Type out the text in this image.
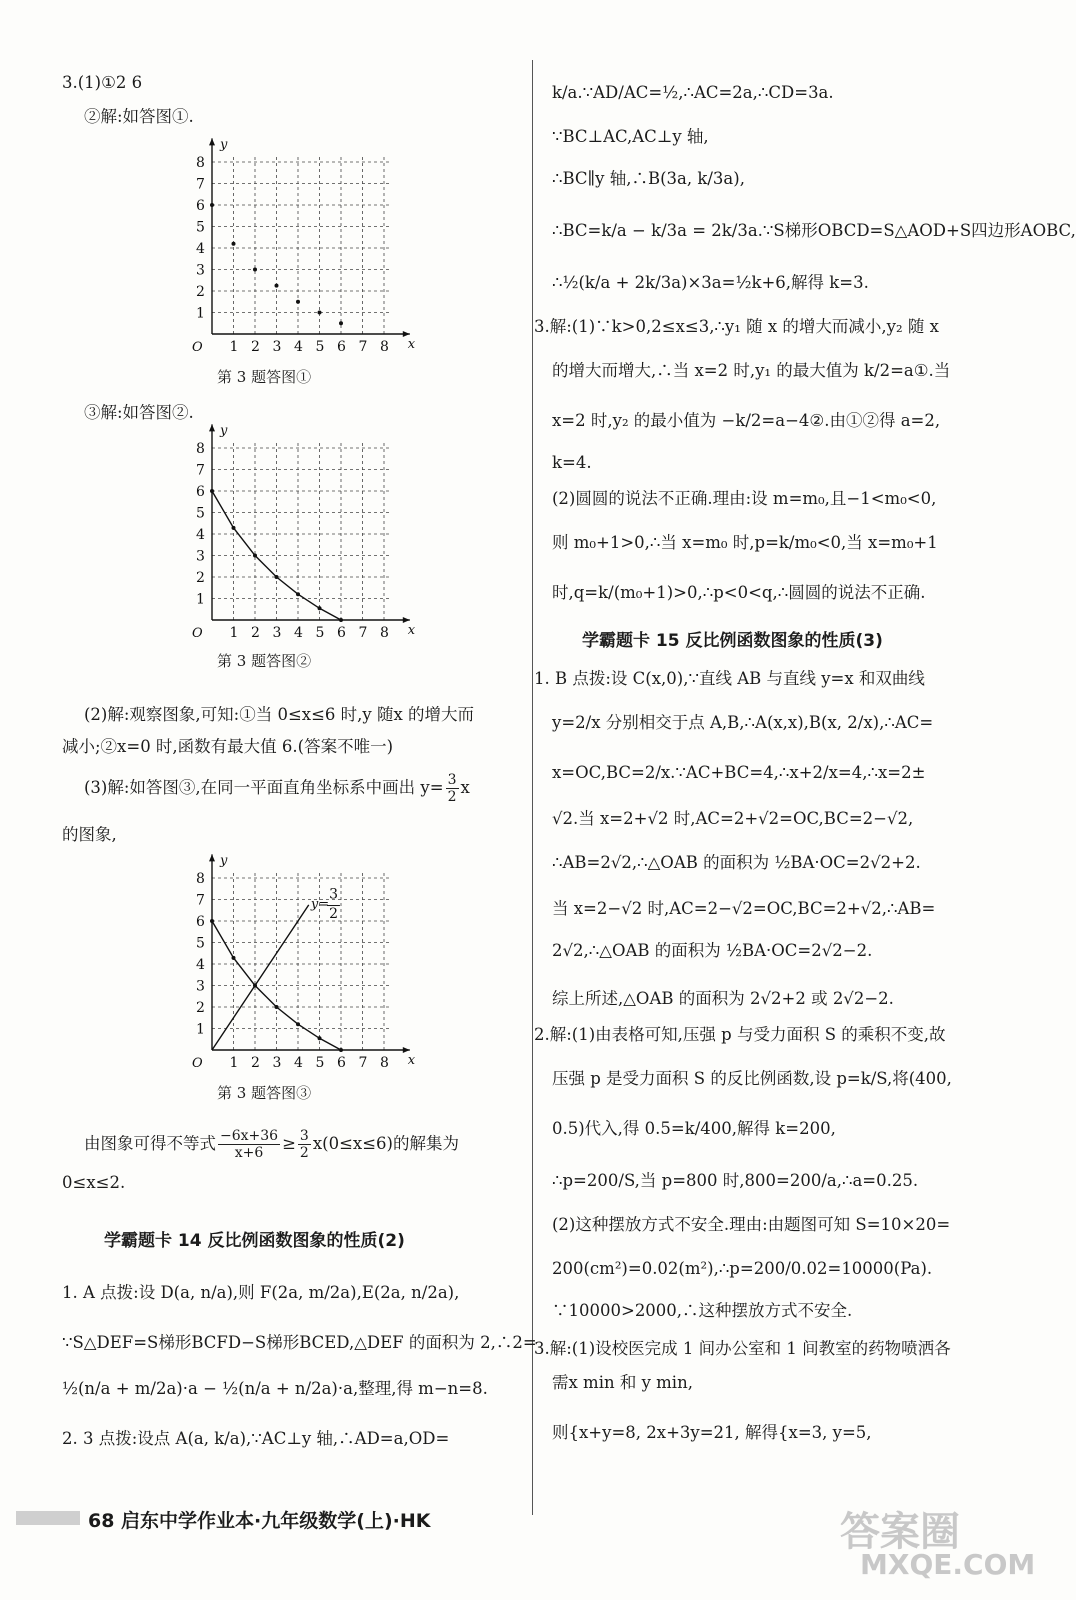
3.(1)①2 6
②解:如答图①.
1 2 3 4 5 6 7 8
1
2
3
4
5
6
7
8
O	x
y
第 3 题答图①
③解:如答图②.
1 2 3 4 5 6 7 8
1
2
3
4
5
6
7
8
O	x
y
第 3 题答图②
(2)解:观察图象,可知:①当 0≤x≤6 时,y 随x 的增大而
减小;②x=0 时,函数有最大值 6.(答案不唯一)
(3)解:如答图③,在同一平面直角坐标系中画出 $y= \frac{3}{2}$ x
的图象,
1 2 3 4 5 6 7 8
1
2
3
4
5
6
7
8
O	x
y
y=
3
2
第 3 题答图③
由图象可得不等式 $\frac{-6x+36}{x+6} \ge \frac{3}{2} x(0\le x\le 6)$的解集为
0≤x≤2.
学霸题卡 14 反比例函数图象的性质(2)
1. A 点拨:设 D(a, n/a),则 F(2a, m/2a),E(2a, n/2a),
∵S△DEF=S梯形BCFD−S梯形BCED,△DEF 的面积为 2,∴2=
½(n/a + m/2a)·a − ½(n/a + n/2a)·a,整理,得 m−n=8.
2. 3 点拨:设点 A(a, k/a),∵AC⊥y 轴,∴AD=a,OD=
k/a.∵AD/AC=½,∴AC=2a,∴CD=3a.
∵BC⊥AC,AC⊥y 轴,
∴BC∥y 轴,∴B(3a, k/3a),
∴BC=k/a − k/3a = 2k/3a.∵S梯形OBCD=S△AOD+S四边形AOBC,
∴½(k/a + 2k/3a)×3a=½k+6,解得 k=3.
3.解:(1)∵k>0,2≤x≤3,∴y₁ 随 x 的增大而减小,y₂ 随 x
的增大而增大,∴当 x=2 时,y₁ 的最大值为 k/2=a①.当
x=2 时,y₂ 的最小值为 −k/2=a−4②.由①②得 a=2,
k=4.
(2)圆圆的说法不正确.理由:设 m=m₀,且−1<m₀<0,
则 m₀+1>0,∴当 x=m₀ 时,p=k/m₀<0,当 x=m₀+1
时,q=k/(m₀+1)>0,∴p<0<q,∴圆圆的说法不正确.
学霸题卡 15 反比例函数图象的性质(3)
1. B 点拨:设 C(x,0),∵直线 AB 与直线 y=x 和双曲线
y=2/x 分别相交于点 A,B,∴A(x,x),B(x, 2/x),∴AC=
x=OC,BC=2/x.∵AC+BC=4,∴x+2/x=4,∴x=2±
√2.当 x=2+√2 时,AC=2+√2=OC,BC=2−√2,
∴AB=2√2,∴△OAB 的面积为 ½BA·OC=2√2+2.
当 x=2−√2 时,AC=2−√2=OC,BC=2+√2,∴AB=
2√2,∴△OAB 的面积为 ½BA·OC=2√2−2.
综上所述,△OAB 的面积为 2√2+2 或 2√2−2.
2.解:(1)由表格可知,压强 p 与受力面积 S 的乘积不变,故
压强 p 是受力面积 S 的反比例函数,设 p=k/S,将(400,
0.5)代入,得 0.5=k/400,解得 k=200,
∴p=200/S,当 p=800 时,800=200/a,∴a=0.25.
(2)这种摆放方式不安全.理由:由题图可知 S=10×20=
200(cm²)=0.02(m²),∴p=200/0.02=10000(Pa).
∵10000>2000,∴这种摆放方式不安全.
3.解:(1)设校医完成 1 间办公室和 1 间教室的药物喷洒各
需x min 和 y min,
则{x+y=8, 2x+3y=21, 解得{x=3, y=5,
68 启东中学作业本·九年级数学(上)·HK	答案圈
MXQE.COM
